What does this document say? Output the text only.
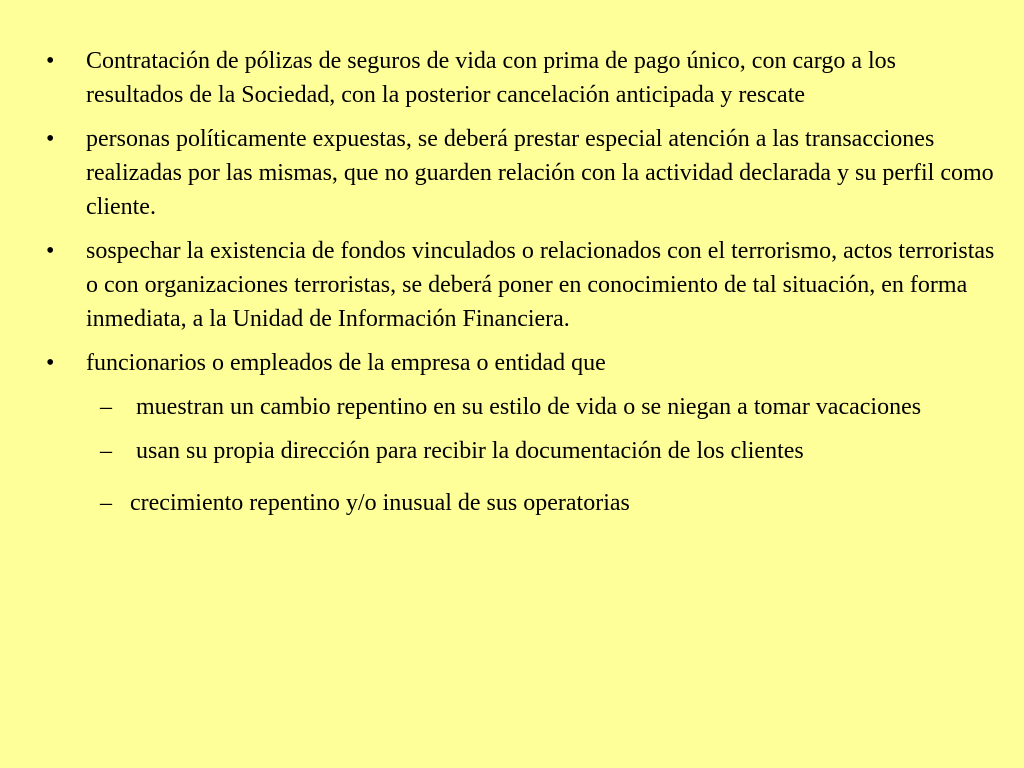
•	Contratación de pólizas de seguros de vida con prima de pago único, con cargo a los resultados de la Sociedad, con la posterior cancelación anticipada y rescate
•	personas políticamente expuestas, se deberá prestar especial atención a las transacciones realizadas por las mismas, que no guarden relación con la actividad declarada y su perfil como cliente.
•	sospechar la existencia de fondos vinculados o relacionados con el terrorismo, actos terroristas o con organizaciones terroristas, se deberá poner en conocimiento de tal situación, en forma inmediata, a la Unidad de Información Financiera.
•	funcionarios o empleados de la empresa o entidad que
– muestran un cambio repentino en su estilo de vida o se niegan a tomar vacaciones
– usan su propia dirección para recibir la documentación de los clientes
– crecimiento repentino y/o inusual de sus operatorias
